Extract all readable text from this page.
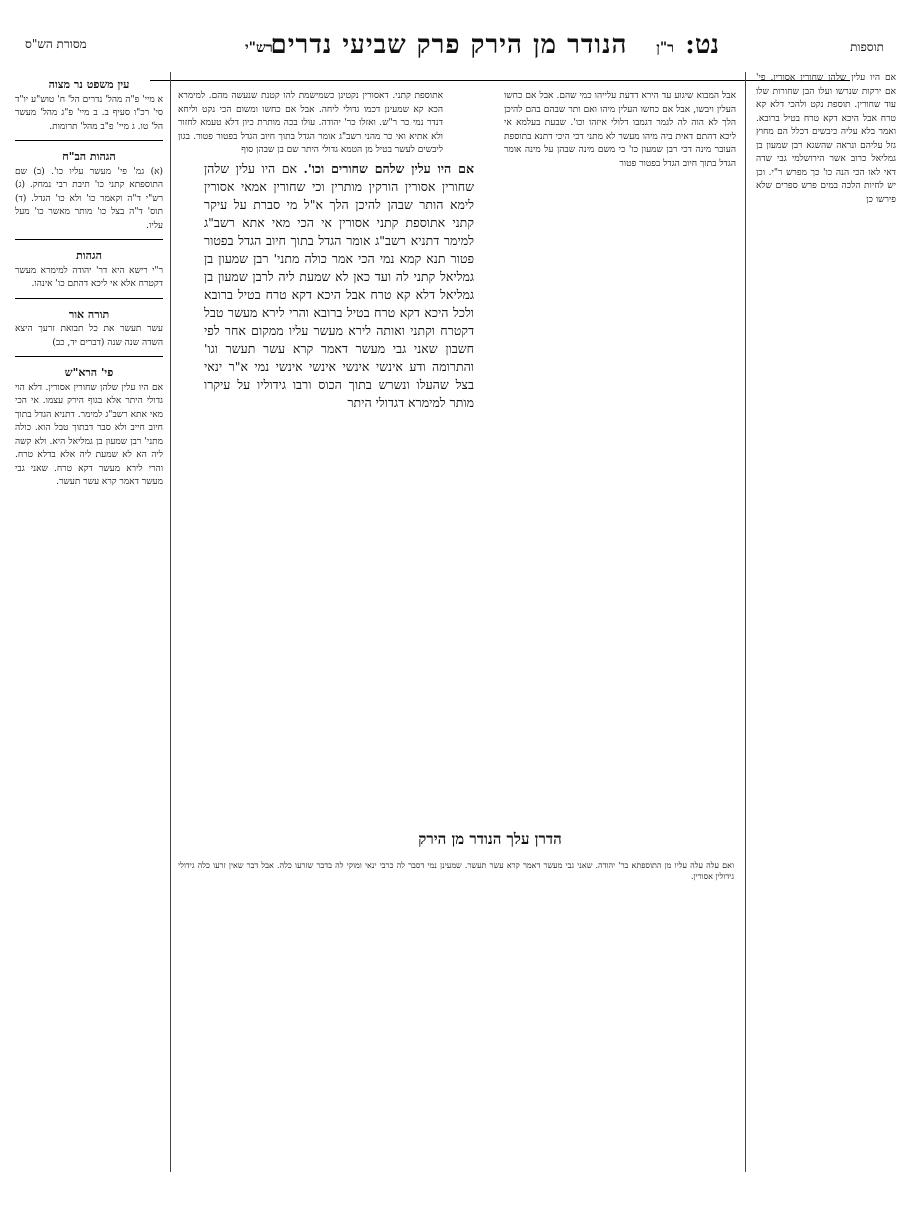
תוספות
נט:
ר"ן
הנודר מן הירק פרק שביעי נדרים
רש"י
מסורת הש"ס

אם היו עלין שלהן שחורין אסורין. פי' אם ירקות שנרשו ועלו הבן שחורות שלו עוד שחורין. תוספת נקט ולהכי דלא קא טרח אבל היכא דקא טרח בטיל ברובא. ואמר בלא עליה כיבשים דכלל הם מחוץ גזל עליהם ונראה שהשגא רבן שמעון בן גמליאל כרוב אשר הירושלמי גבי שדה דאי לאו הכי הנה כו' כך מפרש ר"י. וכן יש לחיות הלכה במים פרש ספרים שלא פירשו כן

אבל המבוא שיגוע עד הירא דדעת עלייהו כמי שהם. אבל אם כחשו העלין ויבשו, אבל אם כחשו העלין מיהו ואם ותר שבהם בהם להיכן הלך לא הוה לה לגמר דגמבו דלולי איזהו וכו'. שבעת בעלמא אי ליכא דהתם דאית ביה מיהו מעשר לא מתני דכי היכי דתנא בתוספת העובר מינה דכי רבן שמעון כו' כי משם מינה שבהן על מינה אומר הגדל בתוך חיוב הגדל בפטור פטור

אתוספת קתני. דאסורין נקטינן כשמישמת להו קטנת שנעשה מהם. למימרא הכא קא שמעינן דכמו גדולי ליחה. אבל אם כחשו ומשום הכי נקט וליחא דנדר נמי כר ר"ש. ואזלו כר' יהודה. עולו בכה מותרת כיון דלא טעמא לחזור ולא אתיא ואי כר מהני רשב"ג אומר הגדל בתוך חיוב הגדל בפטור פטור. בגון ליבשים לעשר בטיל מן הטמא גדולי היתר שם בן שבהן סוף

אם היו עלין שלהם שחורים וכו'. אם היו עלין שלהן שחורין אסורין הורקין מותרין וכי שחורין אמאי אסורין לימא הותר שבהן להיכן הלך א"ל מי סברת על עיקר קתני אתוספת קתני אסורין אי הכי מאי אתא רשב"ג למימר דתניא רשב"ג אומר הגדל בתוך חיוב הגדל בפטור פטור תנא קמא נמי הכי אמר כולה מתני' רבן שמעון בן גמליאל קתני לה ועד כאן לא שמעת ליה לרבן שמעון בן גמליאל דלא קא טרח אבל היכא דקא טרח בטיל ברובא ולכל היכא דקא טרח בטיל ברובא והרי לירא מעשר טבל דקטרח וקתני ואותה לירא מעשר עליו ממקום אחר לפי חשבון שאני גבי מעשר דאמר קרא עשר תעשר וגו' והתרומה ודע אינשי אינשי אינשי אינשי נמי א"ר ינאי בצל שהעלו ונשרש בתוך הכוס ורבו גידוליו על עיקרו מותר למימרא דגדולי היתר

הדרן עלך הנודר מן הירק
ואם עלה עלה עליו מן התוספתא בר' יהודה. שאני גבי מעשר דאמר קרא עשר תעשר. שמעינן נמי דסבר לה כרבי ינאי ומוקי לה בדבר שזרעו כלה. אבל דבר שאין זרעו כלה גידולי גידולין אסורין.
עין משפט נר מצוה

א מיי' פ"ה מהל' נדרים הל' ח' טוש"ע יו"ד סי' רכ"ו סעיף ב. ב מיי' פ"ג מהל' מעשר הל' טו. ג מיי' פ"ב מהל' תרומות.

הגהות הב"ח

(א) גמ' פי' מעשר עליו כו'. (ב) שם התוספתא קתני כו' תיבת רבי נמחק. (ג) רש"י ד"ה וקאמר כו' ולא כו' הגדל. (ד) תוס' ד"ה בצל כו' מותר מאשר כו' מעל עליו.

הגהות

ר"י רישא היא דר' יהודה למימרא מעשר דקטרח אלא אי ליכא דהתם כו' אינהו.

תורה אור

עשר תעשר את כל תבואת זרעך היצא השדה שנה שנה (דברים יד, כב)

פי' הרא"ש

אם היו עלין שלהן שחורין אסורין. דלא הוי גדולי היתר אלא בגוף הירק עצמו. אי הכי מאי אתא רשב"ג למימר. דתניא הגדל בתוך חיוב חייב ולא סבר דבתוך טבל הוא. כולה מתני' רבן שמעון בן גמליאל היא. ולא קשה ליה הא לא שמעת ליה אלא בדלא טרח. והרי לירא מעשר דקא טרח. שאני גבי מעשר דאמר קרא עשר תעשר.
